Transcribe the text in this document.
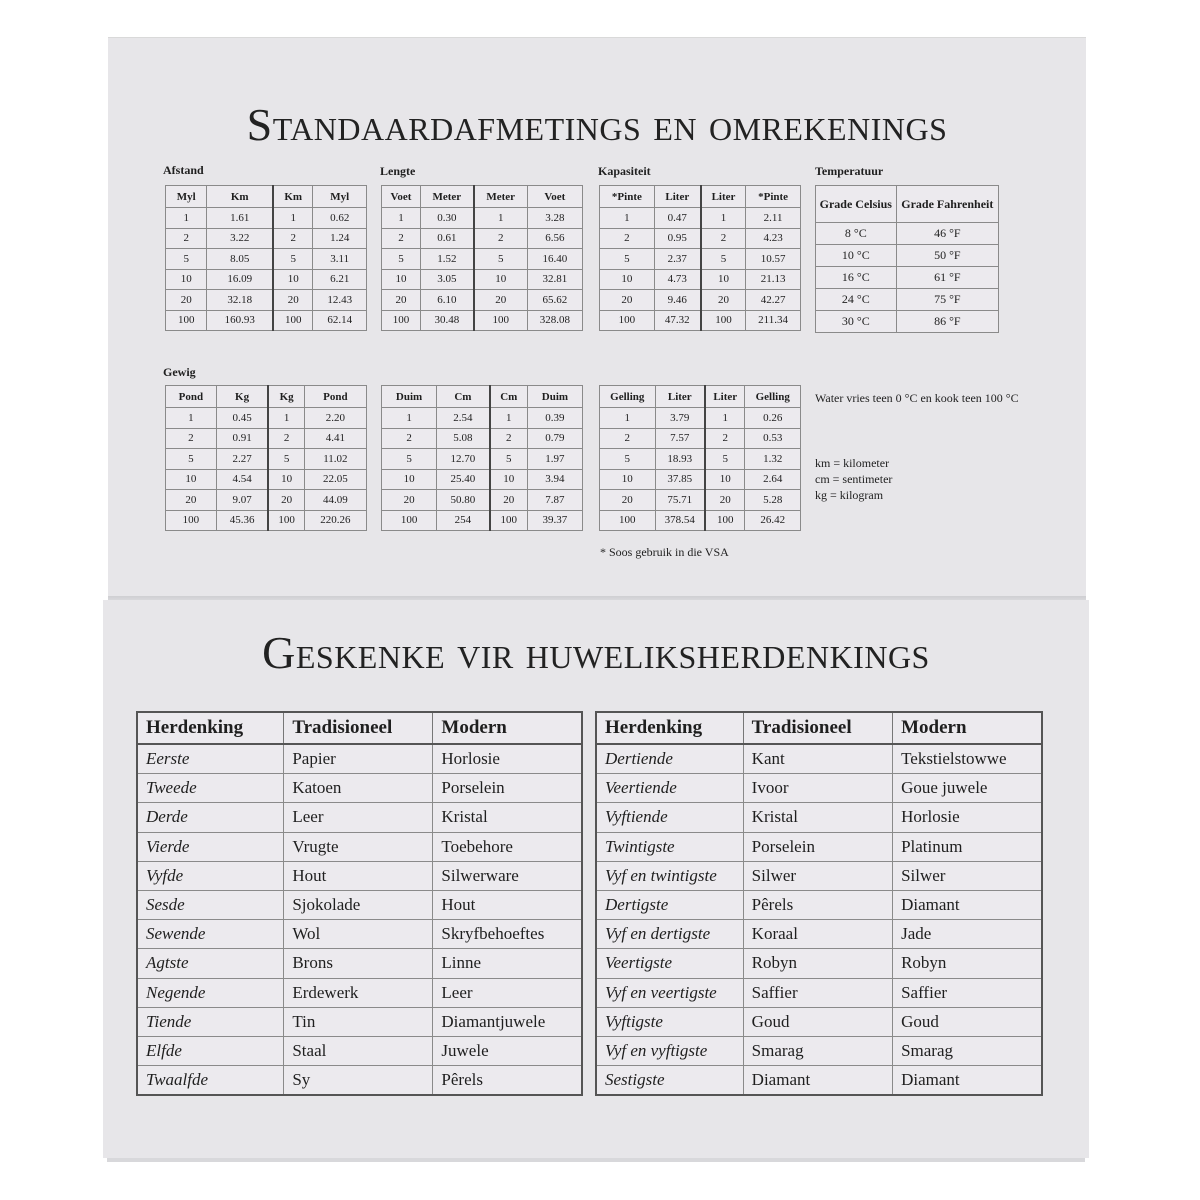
Standaardafmetings en omrekenings
Afstand
Myl	Km	Km	Myl
1	1.61	1	0.62
2	3.22	2	1.24
5	8.05	5	3.11
10	16.09	10	6.21
20	32.18	20	12.43
100	160.93	100	62.14
Lengte
Voet	Meter	Meter	Voet
1	0.30	1	3.28
2	0.61	2	6.56
5	1.52	5	16.40
10	3.05	10	32.81
20	6.10	20	65.62
100	30.48	100	328.08
Kapasiteit
*Pinte	Liter	Liter	*Pinte
1	0.47	1	2.11
2	0.95	2	4.23
5	2.37	5	10.57
10	4.73	10	21.13
20	9.46	20	42.27
100	47.32	100	211.34
Temperatuur
Grade Celsius	Grade Fahrenheit
8 °C	46 °F
10 °C	50 °F
16 °C	61 °F
24 °C	75 °F
30 °C	86 °F
Gewig
Pond	Kg	Kg	Pond
1	0.45	1	2.20
2	0.91	2	4.41
5	2.27	5	11.02
10	4.54	10	22.05
20	9.07	20	44.09
100	45.36	100	220.26
Duim	Cm	Cm	Duim
1	2.54	1	0.39
2	5.08	2	0.79
5	12.70	5	1.97
10	25.40	10	3.94
20	50.80	20	7.87
100	254	100	39.37
Gelling	Liter	Liter	Gelling
1	3.79	1	0.26
2	7.57	2	0.53
5	18.93	5	1.32
10	37.85	10	2.64
20	75.71	20	5.28
100	378.54	100	26.42
Water vries teen 0 °C en kook teen 100 °C
km = kilometer
cm = sentimeter
kg = kilogram
* Soos gebruik in die VSA
Geskenke vir huweliksherdenkings
Herdenking	Tradisioneel	Modern
Eerste	Papier	Horlosie
Tweede	Katoen	Porselein
Derde	Leer	Kristal
Vierde	Vrugte	Toebehore
Vyfde	Hout	Silwerware
Sesde	Sjokolade	Hout
Sewende	Wol	Skryfbehoeftes
Agtste	Brons	Linne
Negende	Erdewerk	Leer
Tiende	Tin	Diamantjuwele
Elfde	Staal	Juwele
Twaalfde	Sy	Pêrels
Herdenking	Tradisioneel	Modern
Dertiende	Kant	Tekstielstowwe
Veertiende	Ivoor	Goue juwele
Vyftiende	Kristal	Horlosie
Twintigste	Porselein	Platinum
Vyf en twintigste	Silwer	Silwer
Dertigste	Pêrels	Diamant
Vyf en dertigste	Koraal	Jade
Veertigste	Robyn	Robyn
Vyf en veertigste	Saffier	Saffier
Vyftigste	Goud	Goud
Vyf en vyftigste	Smarag	Smarag
Sestigste	Diamant	Diamant
